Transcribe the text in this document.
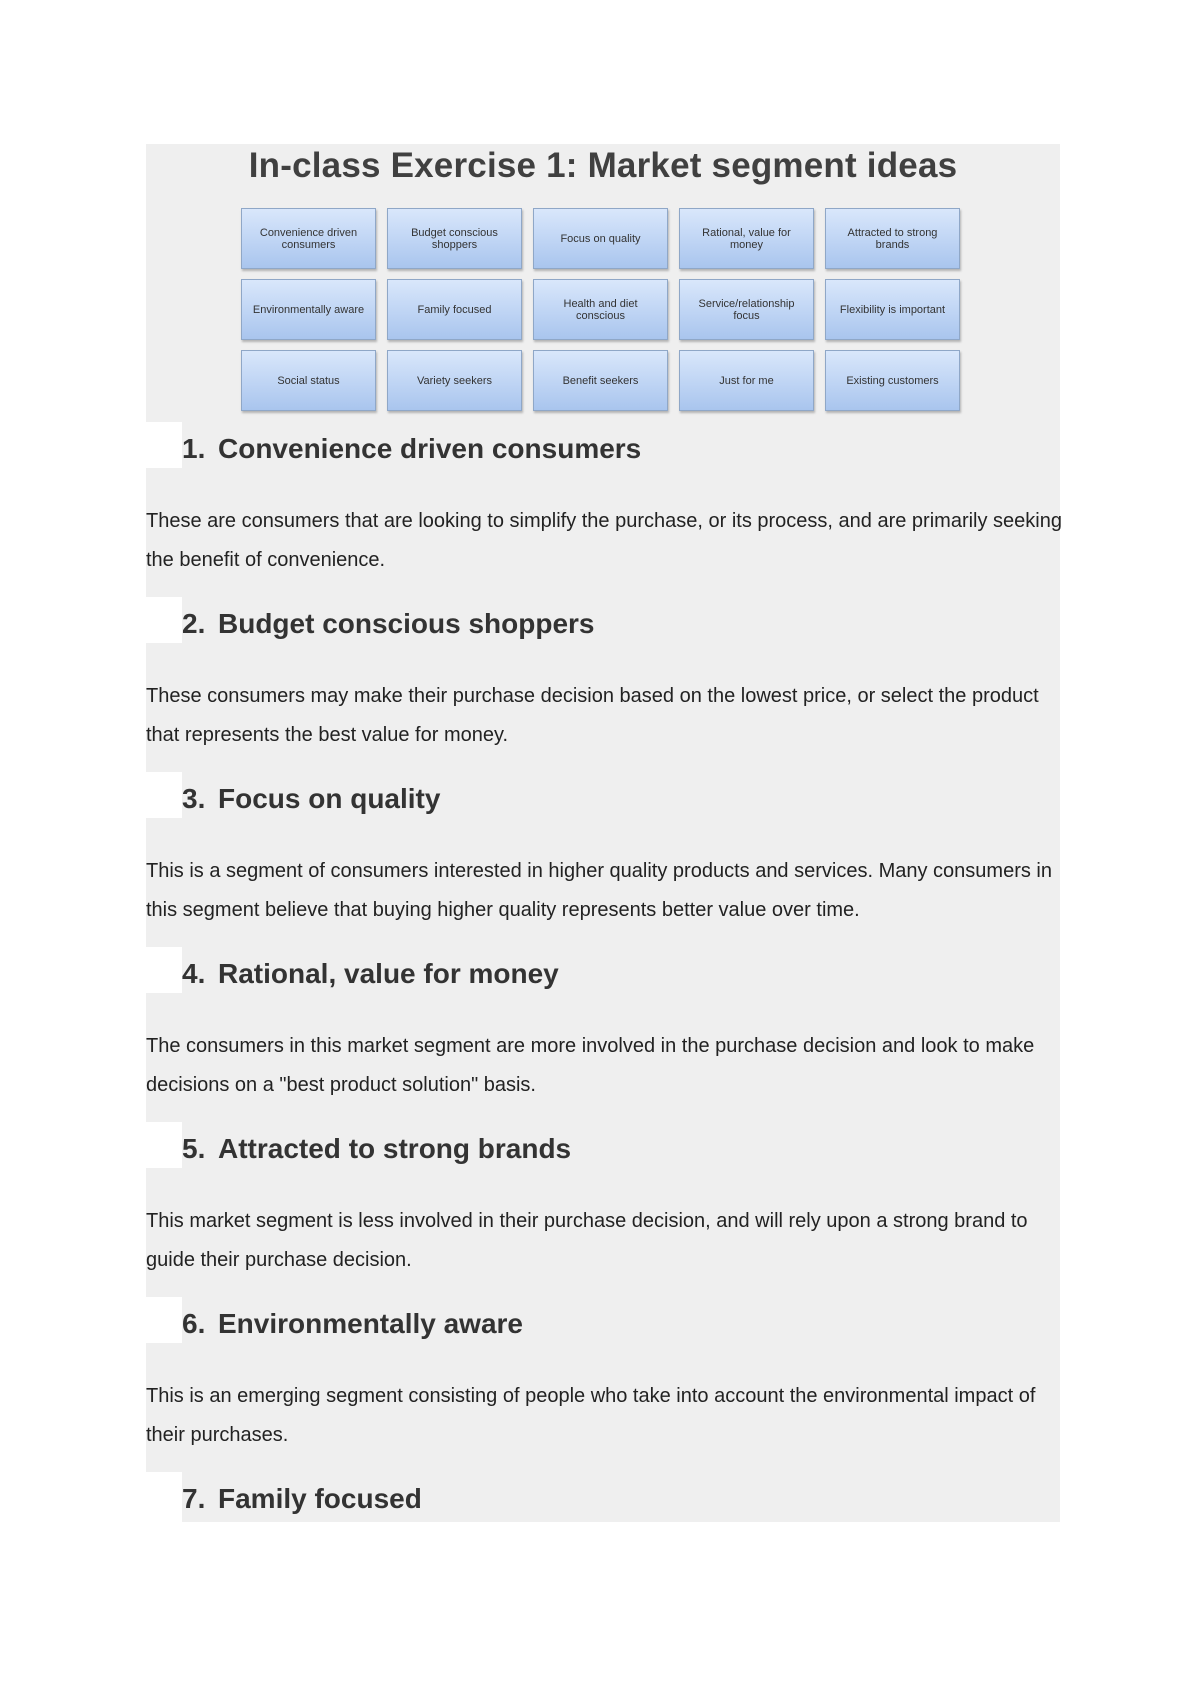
In-class Exercise 1: Market segment ideas
Convenience driven consumers
Budget conscious shoppers	Focus on quality	Rational, value for money
Attracted to strong brands
Environmentally aware	Family focused	Health and diet conscious
Service/relationship focus	Flexibility is important
Social status	Variety seekers	Benefit seekers	Just for me	Existing customers
1. Convenience driven consumers

These are consumers that are looking to simplify the purchase, or its process, and are primarily seeking the benefit of convenience.

2. Budget conscious shoppers

These consumers may make their purchase decision based on the lowest price, or select the product that represents the best value for money.

3. Focus on quality

This is a segment of consumers interested in higher quality products and services. Many consumers in this segment believe that buying higher quality represents better value over time.

4. Rational, value for money

The consumers in this market segment are more involved in the purchase decision and look to make decisions on a "best product solution" basis.

5. Attracted to strong brands

This market segment is less involved in their purchase decision, and will rely upon a strong brand to guide their purchase decision.

6. Environmentally aware

This is an emerging segment consisting of people who take into account the environmental impact of their purchases.

7. Family focused
